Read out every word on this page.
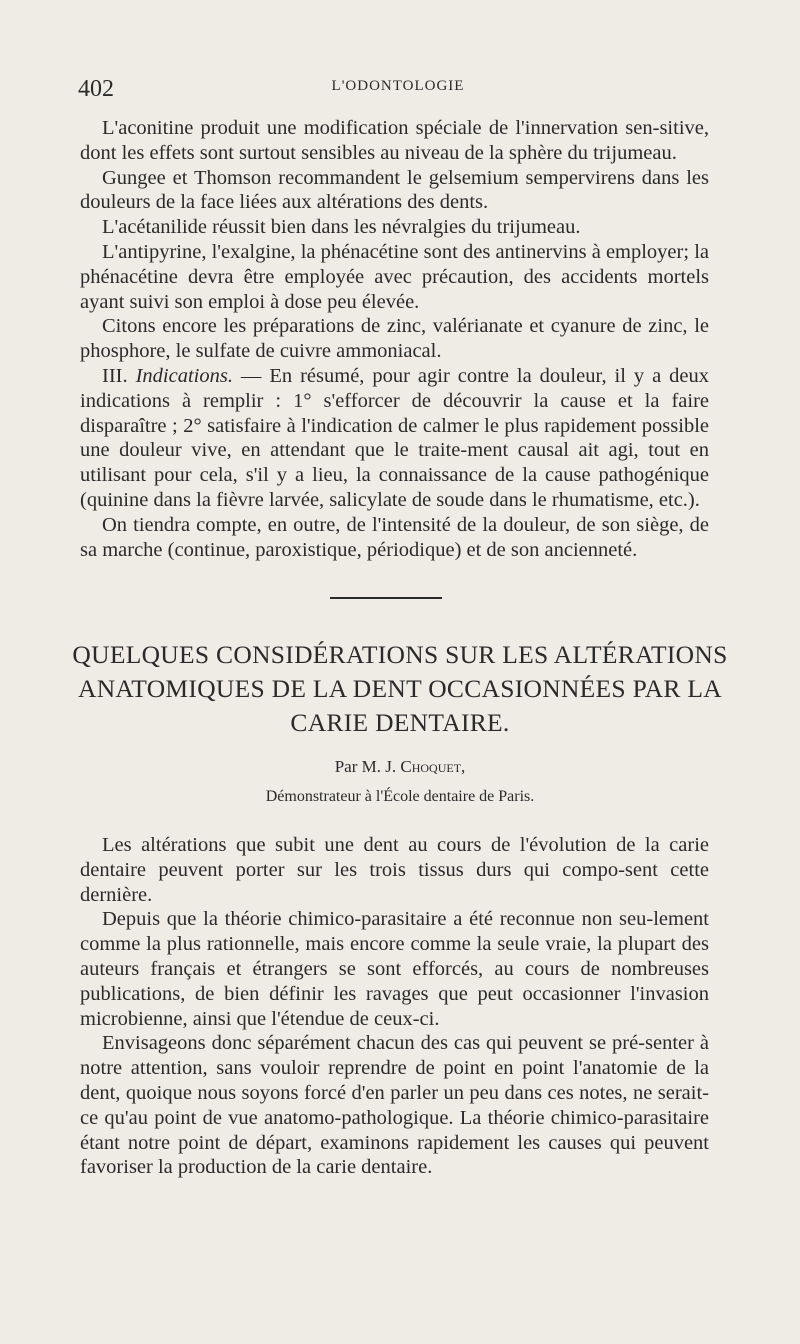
402	L'ODONTOLOGIE

L'aconitine produit une modification spéciale de l'innervation sen-sitive, dont les effets sont surtout sensibles au niveau de la sphère du trijumeau.

Gungee et Thomson recommandent le gelsemium sempervirens dans les douleurs de la face liées aux altérations des dents.

L'acétanilide réussit bien dans les névralgies du trijumeau.

L'antipyrine, l'exalgine, la phénacétine sont des antinervins à employer; la phénacétine devra être employée avec précaution, des accidents mortels ayant suivi son emploi à dose peu élevée.

Citons encore les préparations de zinc, valérianate et cyanure de zinc, le phosphore, le sulfate de cuivre ammoniacal.

III. Indications. — En résumé, pour agir contre la douleur, il y a deux indications à remplir : 1° s'efforcer de découvrir la cause et la faire disparaître ; 2° satisfaire à l'indication de calmer le plus rapidement possible une douleur vive, en attendant que le traite-ment causal ait agi, tout en utilisant pour cela, s'il y a lieu, la connaissance de la cause pathogénique (quinine dans la fièvre larvée, salicylate de soude dans le rhumatisme, etc.).

On tiendra compte, en outre, de l'intensité de la douleur, de son siège, de sa marche (continue, paroxistique, périodique) et de son ancienneté.

QUELQUES CONSIDÉRATIONS SUR LES ALTÉRATIONS ANATOMIQUES DE LA DENT OCCASIONNÉES PAR LA CARIE DENTAIRE.
Par M. J. Choquet,
Démonstrateur à l'École dentaire de Paris.

Les altérations que subit une dent au cours de l'évolution de la carie dentaire peuvent porter sur les trois tissus durs qui compo-sent cette dernière.

Depuis que la théorie chimico-parasitaire a été reconnue non seu-lement comme la plus rationnelle, mais encore comme la seule vraie, la plupart des auteurs français et étrangers se sont efforcés, au cours de nombreuses publications, de bien définir les ravages que peut occasionner l'invasion microbienne, ainsi que l'étendue de ceux-ci.

Envisageons donc séparément chacun des cas qui peuvent se pré-senter à notre attention, sans vouloir reprendre de point en point l'anatomie de la dent, quoique nous soyons forcé d'en parler un peu dans ces notes, ne serait-ce qu'au point de vue anatomo-pathologique. La théorie chimico-parasitaire étant notre point de départ, examinons rapidement les causes qui peuvent favoriser la production de la carie dentaire.
